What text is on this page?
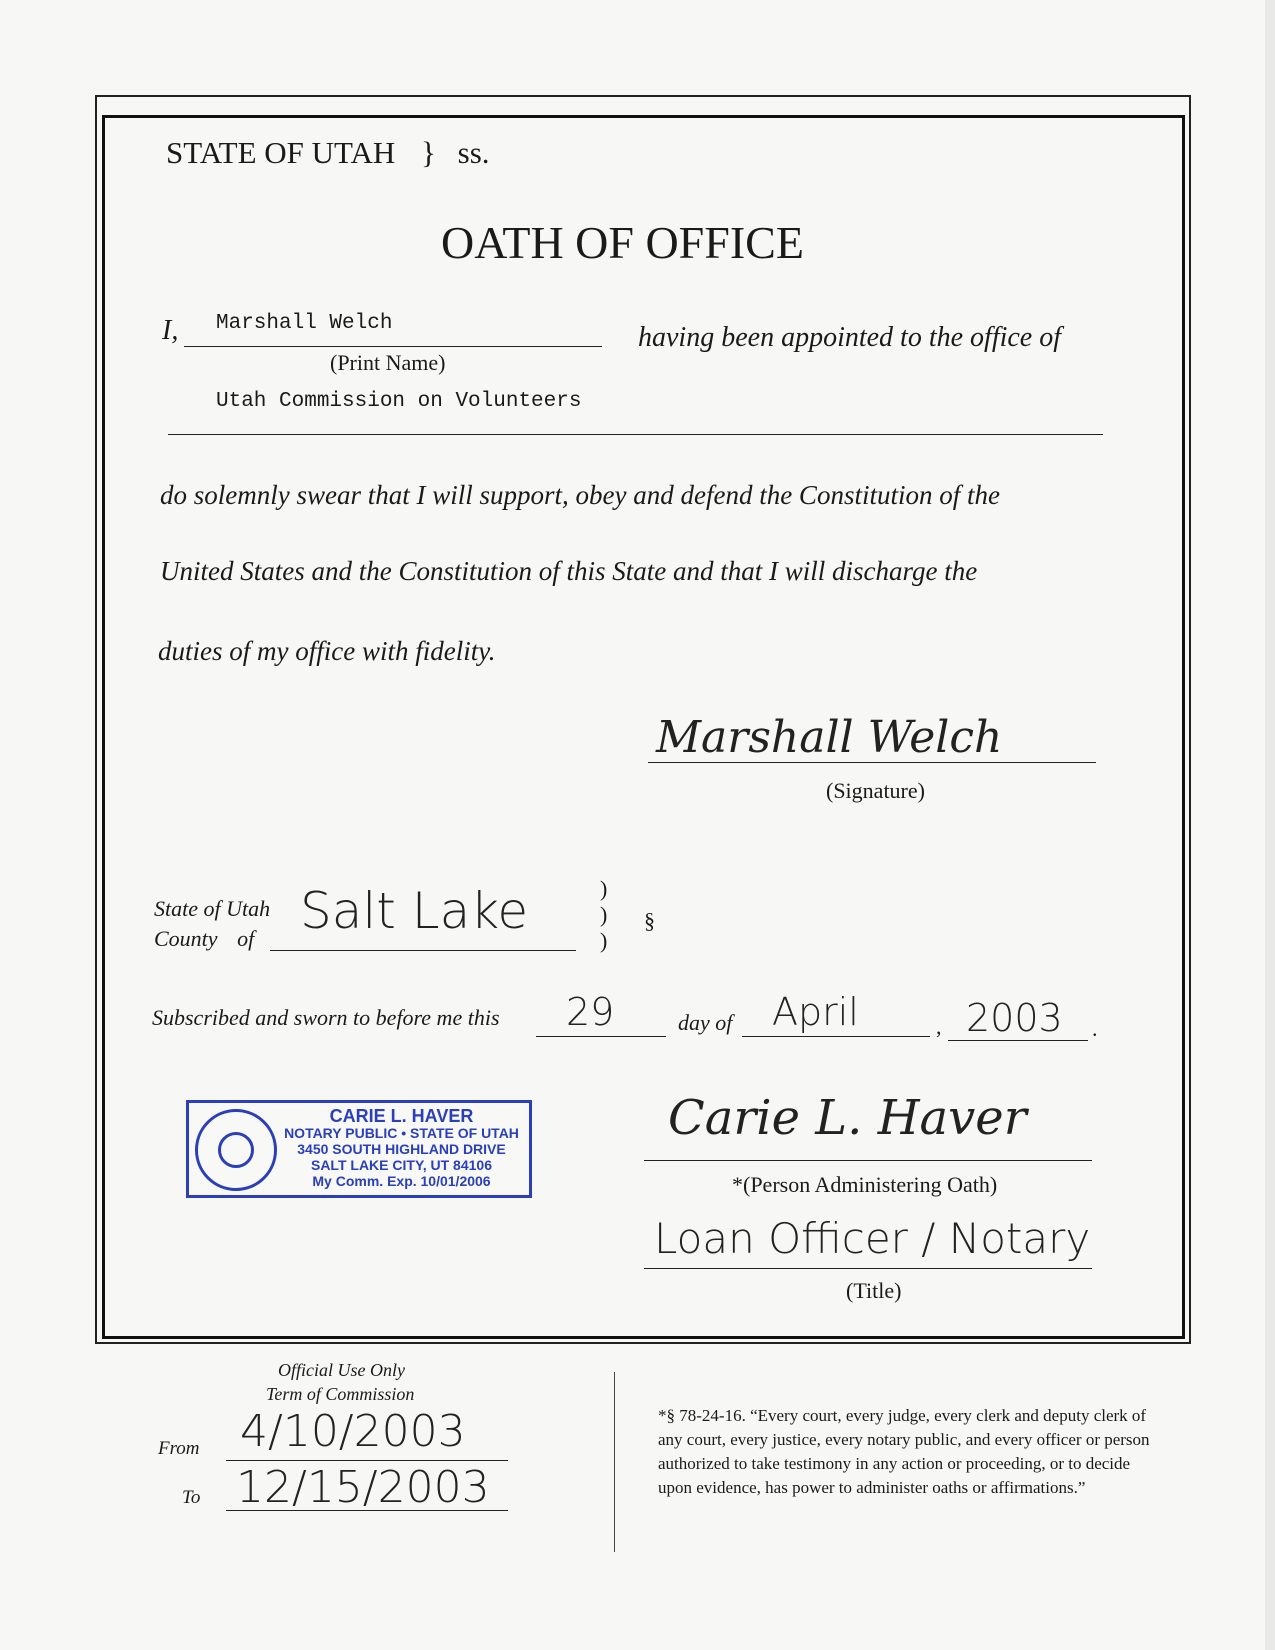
STATE OF UTAH } ss.
OATH OF OFFICE
I, Marshall Welch
(Print Name)
having been appointed to the office of
Utah Commission on Volunteers
do solemnly swear that I will support, obey and defend the Constitution of the
United States and the Constitution of this State and that I will discharge the
duties of my office with fidelity.
Marshall Welch
(Signature)
State of Utah
County of Salt Lake	)
)
)
§
Subscribed and sworn to before me this 29	day of April	, 2003 .
CARIE L. HAVER
NOTARY PUBLIC • STATE OF UTAH
3450 SOUTH HIGHLAND DRIVE
SALT LAKE CITY, UT 84106
My Comm. Exp. 10/01/2006
Carie L. Haver
*(Person Administering Oath)
Loan Officer / Notary
(Title)
Official Use Only
Term of Commission
From 4/10/2003
To 12/15/2003
*§ 78-24-16. “Every court, every judge, every clerk and deputy clerk of any court, every justice, every notary public, and every officer or person authorized to take testimony in any action or proceeding, or to decide upon evidence, has power to administer oaths or affirmations.”
